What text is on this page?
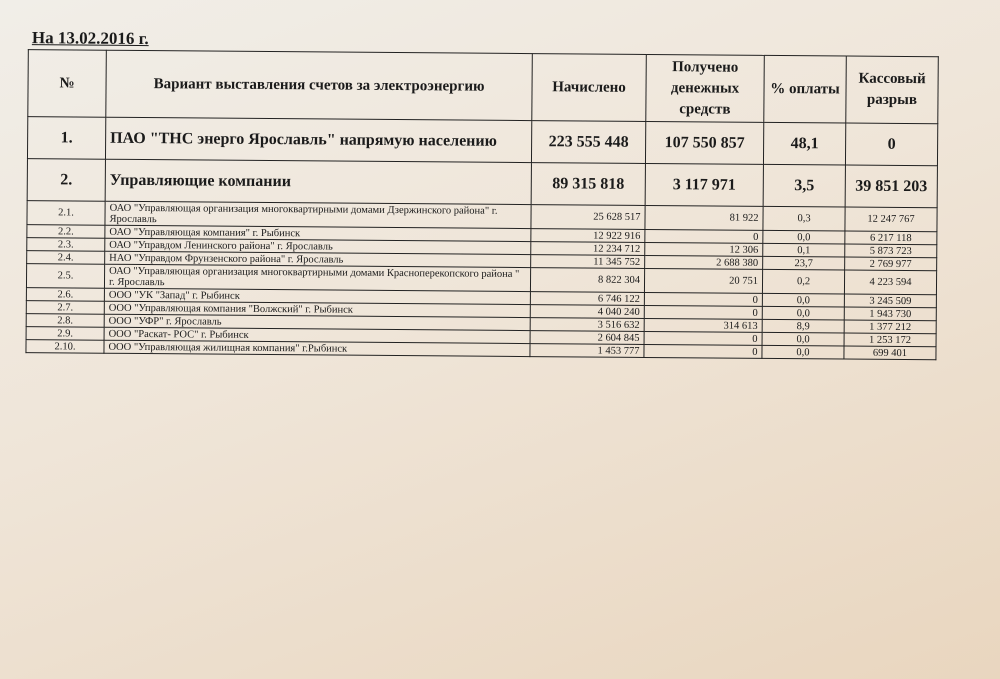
На 13.02.2016 г.
№	Вариант выставления счетов за электроэнергию	Начислено	Получено денежных средств	% оплаты	Кассовый разрыв
1.	ПАО "ТНС энерго Ярославль" напрямую населению	223 555 448	107 550 857	48,1	0
2.	Управляющие компании	89 315 818	3 117 971	3,5	39 851 203
2.1.	ОАО "Управляющая организация многоквартирными домами Дзержинского района" г. Ярославль	25 628 517	81 922	0,3	12 247 767
2.2.	ОАО "Управляющая компания" г. Рыбинск	12 922 916	0	0,0	6 217 118
2.3.	ОАО "Управдом Ленинского района" г. Ярославль	12 234 712	12 306	0,1	5 873 723
2.4.	НАО "Управдом Фрунзенского района" г. Ярославль	11 345 752	2 688 380	23,7	2 769 977
2.5.	ОАО "Управляющая организация многоквартирными домами Красноперекопского района " г. Ярославль	8 822 304	20 751	0,2	4 223 594
2.6.	ООО "УК "Запад" г. Рыбинск	6 746 122	0	0,0	3 245 509
2.7.	ООО "Управляющая компания "Волжский" г. Рыбинск	4 040 240	0	0,0	1 943 730
2.8.	ООО "УФР" г. Ярославль	3 516 632	314 613	8,9	1 377 212
2.9.	ООО "Раскат- РОС" г. Рыбинск	2 604 845	0	0,0	1 253 172
2.10.	ООО "Управляющая жилищная компания" г.Рыбинск	1 453 777	0	0,0	699 401
